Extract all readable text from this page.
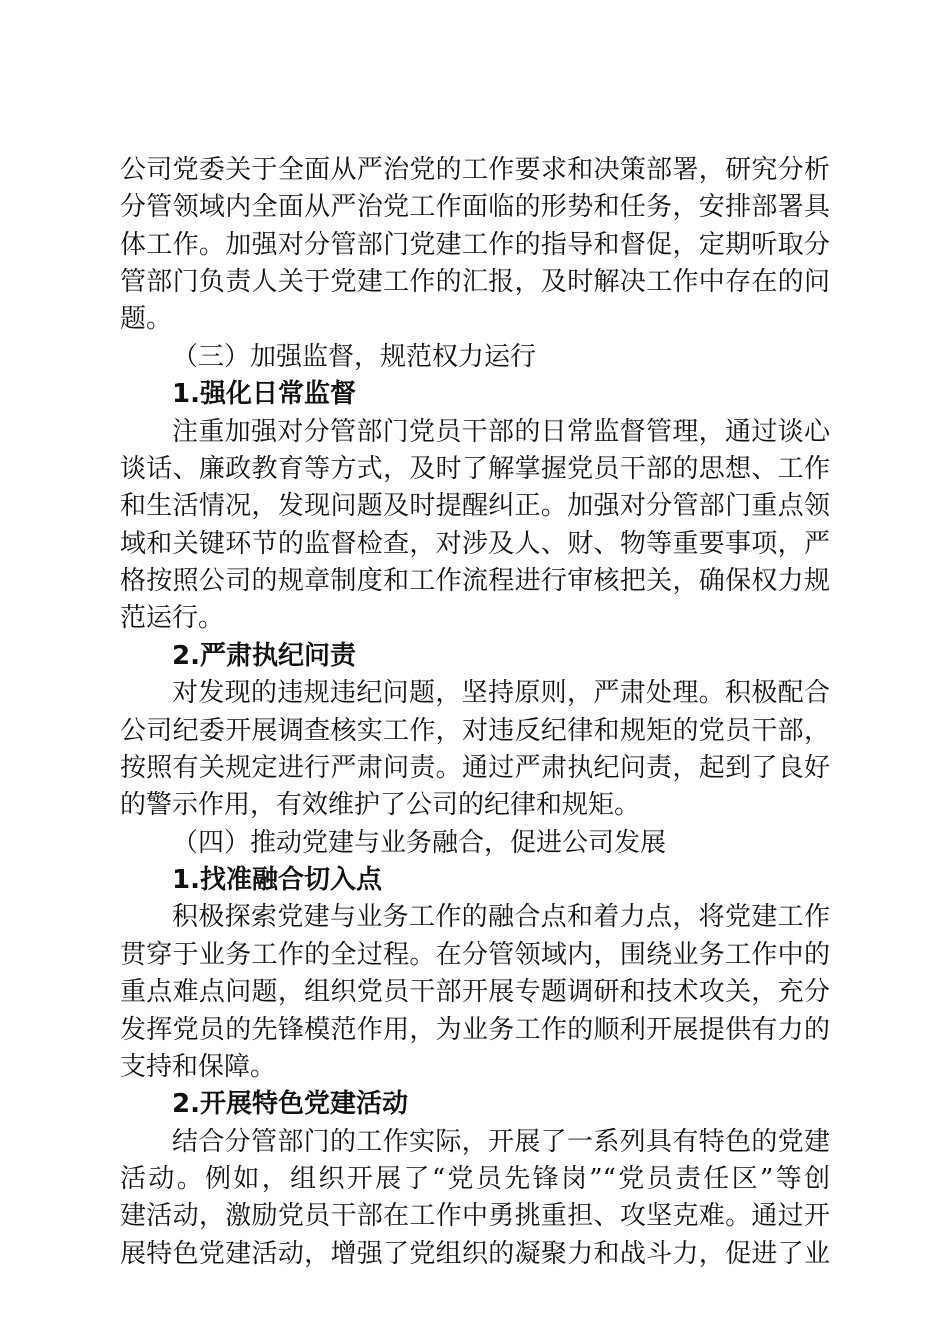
公司党委关于全面从严治党的工作要求和决策部署，研究分析
分管领域内全面从严治党工作面临的形势和任务，安排部署具
体工作。加强对分管部门党建工作的指导和督促，定期听取分
管部门负责人关于党建工作的汇报，及时解决工作中存在的问
题。
（三）加强监督，规范权力运行
1.强化日常监督
注重加强对分管部门党员干部的日常监督管理，通过谈心
谈话、廉政教育等方式，及时了解掌握党员干部的思想、工作
和生活情况，发现问题及时提醒纠正。加强对分管部门重点领
域和关键环节的监督检查，对涉及人、财、物等重要事项，严
格按照公司的规章制度和工作流程进行审核把关，确保权力规
范运行。
2.严肃执纪问责
对发现的违规违纪问题，坚持原则，严肃处理。积极配合
公司纪委开展调查核实工作，对违反纪律和规矩的党员干部，
按照有关规定进行严肃问责。通过严肃执纪问责，起到了良好
的警示作用，有效维护了公司的纪律和规矩。
（四）推动党建与业务融合，促进公司发展
1.找准融合切入点
积极探索党建与业务工作的融合点和着力点，将党建工作
贯穿于业务工作的全过程。在分管领域内，围绕业务工作中的
重点难点问题，组织党员干部开展专题调研和技术攻关，充分
发挥党员的先锋模范作用，为业务工作的顺利开展提供有力的
支持和保障。
2.开展特色党建活动
结合分管部门的工作实际，开展了一系列具有特色的党建
活动。例如，组织开展了“党员先锋岗”“党员责任区”等创
建活动，激励党员干部在工作中勇挑重担、攻坚克难。通过开
展特色党建活动，增强了党组织的凝聚力和战斗力，促进了业
